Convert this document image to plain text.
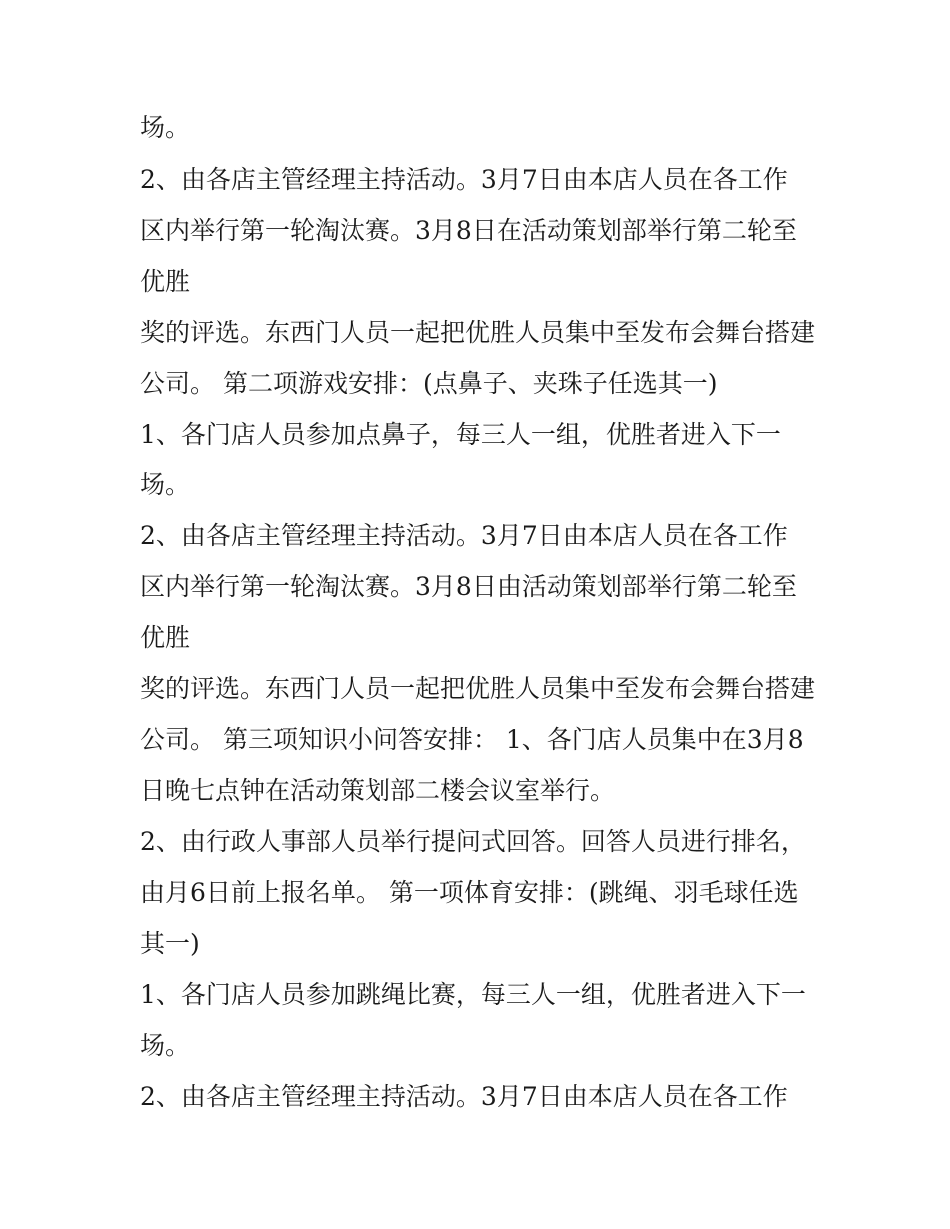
场。
2、由各店主管经理主持活动。3月7日由本店人员在各工作
区内举行第一轮淘汰赛。3月8日在活动策划部举行第二轮至
优胜
奖的评选。东西门人员一起把优胜人员集中至发布会舞台搭建
公司。 第二项游戏安排：(点鼻子、夹珠子任选其一)
1、各门店人员参加点鼻子，每三人一组，优胜者进入下一
场。
2、由各店主管经理主持活动。3月7日由本店人员在各工作
区内举行第一轮淘汰赛。3月8日由活动策划部举行第二轮至
优胜
奖的评选。东西门人员一起把优胜人员集中至发布会舞台搭建
公司。 第三项知识小问答安排： 1、各门店人员集中在3月8
日晚七点钟在活动策划部二楼会议室举行。
2、由行政人事部人员举行提问式回答。回答人员进行排名，
由月6日前上报名单。 第一项体育安排：(跳绳、羽毛球任选
其一)
1、各门店人员参加跳绳比赛，每三人一组，优胜者进入下一
场。
2、由各店主管经理主持活动。3月7日由本店人员在各工作
